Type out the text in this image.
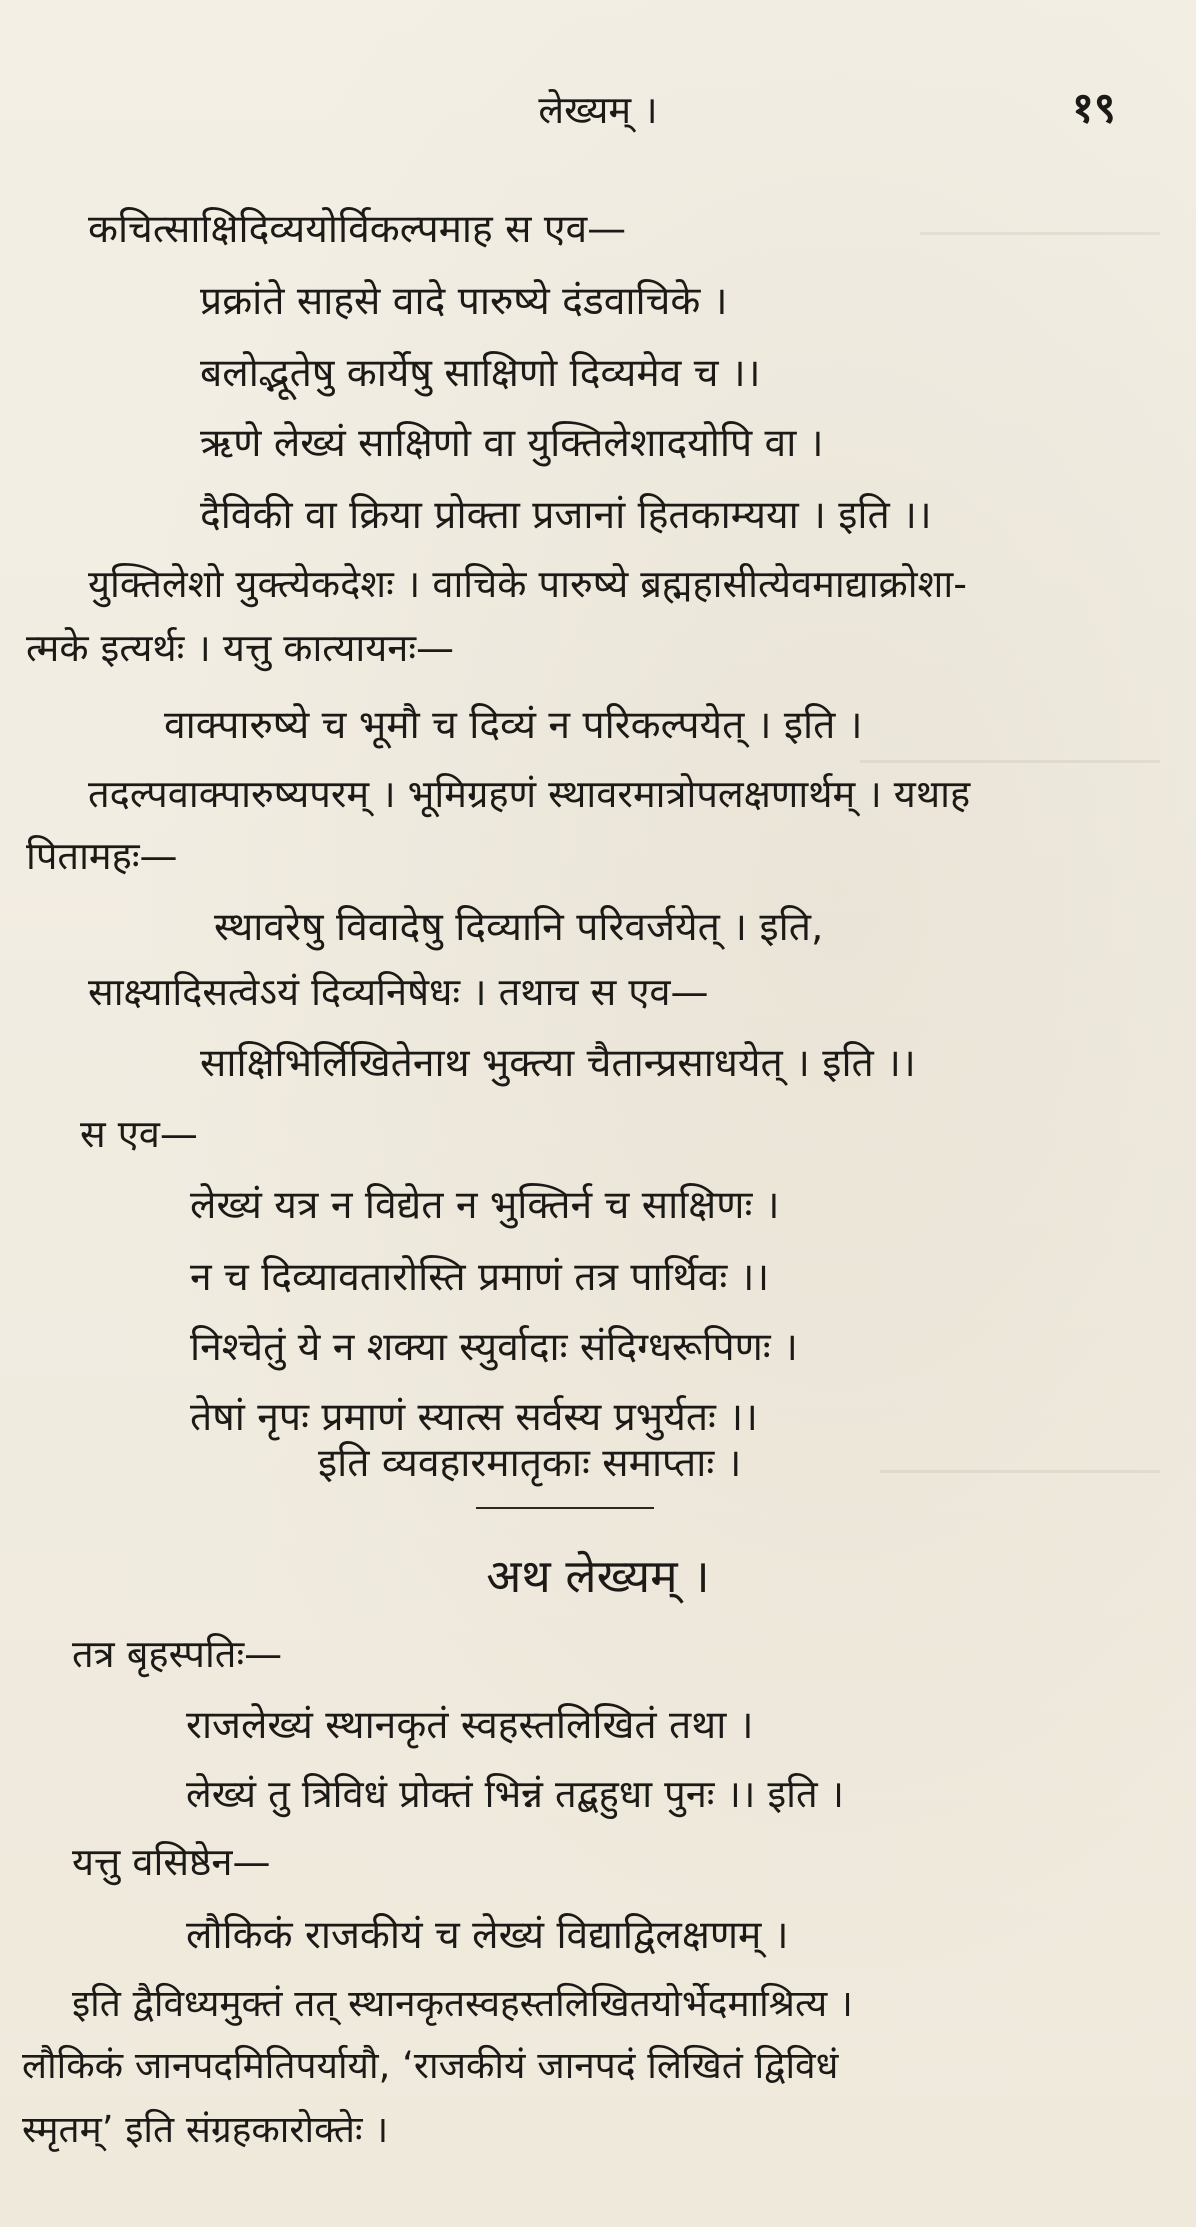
लेख्यम् ।	१९
कचित्साक्षिदिव्ययोर्विकल्पमाह स एव—
प्रक्रांते साहसे वादे पारुष्ये दंडवाचिके ।
बलोद्भूतेषु कार्येषु साक्षिणो दिव्यमेव च ।।
ऋणे लेख्यं साक्षिणो वा युक्तिलेशादयोपि वा ।
दैविकी वा क्रिया प्रोक्ता प्रजानां हितकाम्यया । इति ।।
युक्तिलेशो युक्त्येकदेशः । वाचिके पारुष्ये ब्रह्महासीत्येवमाद्याक्रोशा-
त्मके इत्यर्थः । यत्तु कात्यायनः—
वाक्पारुष्ये च भूमौ च दिव्यं न परिकल्पयेत् । इति ।
तदल्पवाक्पारुष्यपरम् । भूमिग्रहणं स्थावरमात्रोपलक्षणार्थम् । यथाह
पितामहः—
स्थावरेषु विवादेषु दिव्यानि परिवर्जयेत् । इति,
साक्ष्यादिसत्वेऽयं दिव्यनिषेधः । तथाच स एव—
साक्षिभिर्लिखितेनाथ भुक्त्या चैतान्प्रसाधयेत् । इति ।।
स एव—
लेख्यं यत्र न विद्येत न भुक्तिर्न च साक्षिणः ।
न च दिव्यावतारोस्ति प्रमाणं तत्र पार्थिवः ।।
निश्चेतुं ये न शक्या स्युर्वादाः संदिग्धरूपिणः ।
तेषां नृपः प्रमाणं स्यात्स सर्वस्य प्रभुर्यतः ।।
इति व्यवहारमातृकाः समाप्ताः ।
अथ लेख्यम् ।
तत्र बृहस्पतिः—
राजलेख्यं स्थानकृतं स्वहस्तलिखितं तथा ।
लेख्यं तु त्रिविधं प्रोक्तं भिन्नं तद्बहुधा पुनः ।। इति ।
यत्तु वसिष्ठेन—
लौकिकं राजकीयं च लेख्यं विद्याद्विलक्षणम् ।
इति द्वैविध्यमुक्तं तत् स्थानकृतस्वहस्तलिखितयोर्भेदमाश्रित्य ।
लौकिकं जानपदमितिपर्यायौ, ‘राजकीयं जानपदं लिखितं द्विविधं
स्मृतम्’ इति संग्रहकारोक्तेः ।
